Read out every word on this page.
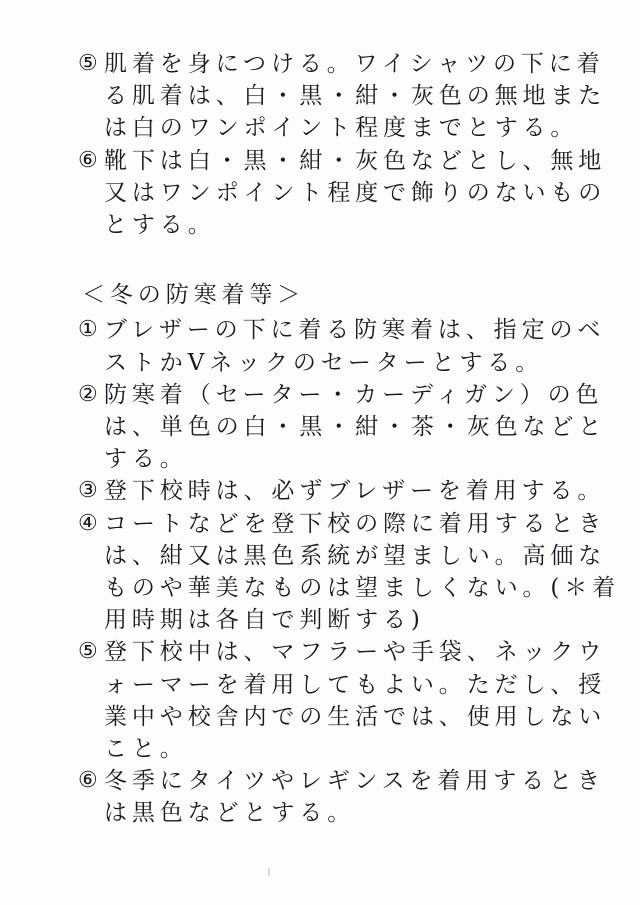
⑤ 肌着を身につける。ワイシャツの下に着
る肌着は、白・黒・紺・灰色の無地また
は白のワンポイント程度までとする。
⑥ 靴下は白・黒・紺・灰色などとし、無地
又はワンポイント程度で飾りのないもの
とする。
＜冬の防寒着等＞
① ブレザーの下に着る防寒着は、指定のベ
ストかVネックのセーターとする。
② 防寒着（セーター・カーディガン）の色
は、単色の白・黒・紺・茶・灰色などと
する。
③ 登下校時は、必ずブレザーを着用する。
④ コートなどを登下校の際に着用するとき
は、紺又は黒色系統が望ましい。高価な
ものや華美なものは望ましくない。(＊着
用時期は各自で判断する)
⑤ 登下校中は、マフラーや手袋、ネックウ
ォーマーを着用してもよい。ただし、授
業中や校舎内での生活では、使用しない
こと。
⑥ 冬季にタイツやレギンスを着用するとき
は黒色などとする。
